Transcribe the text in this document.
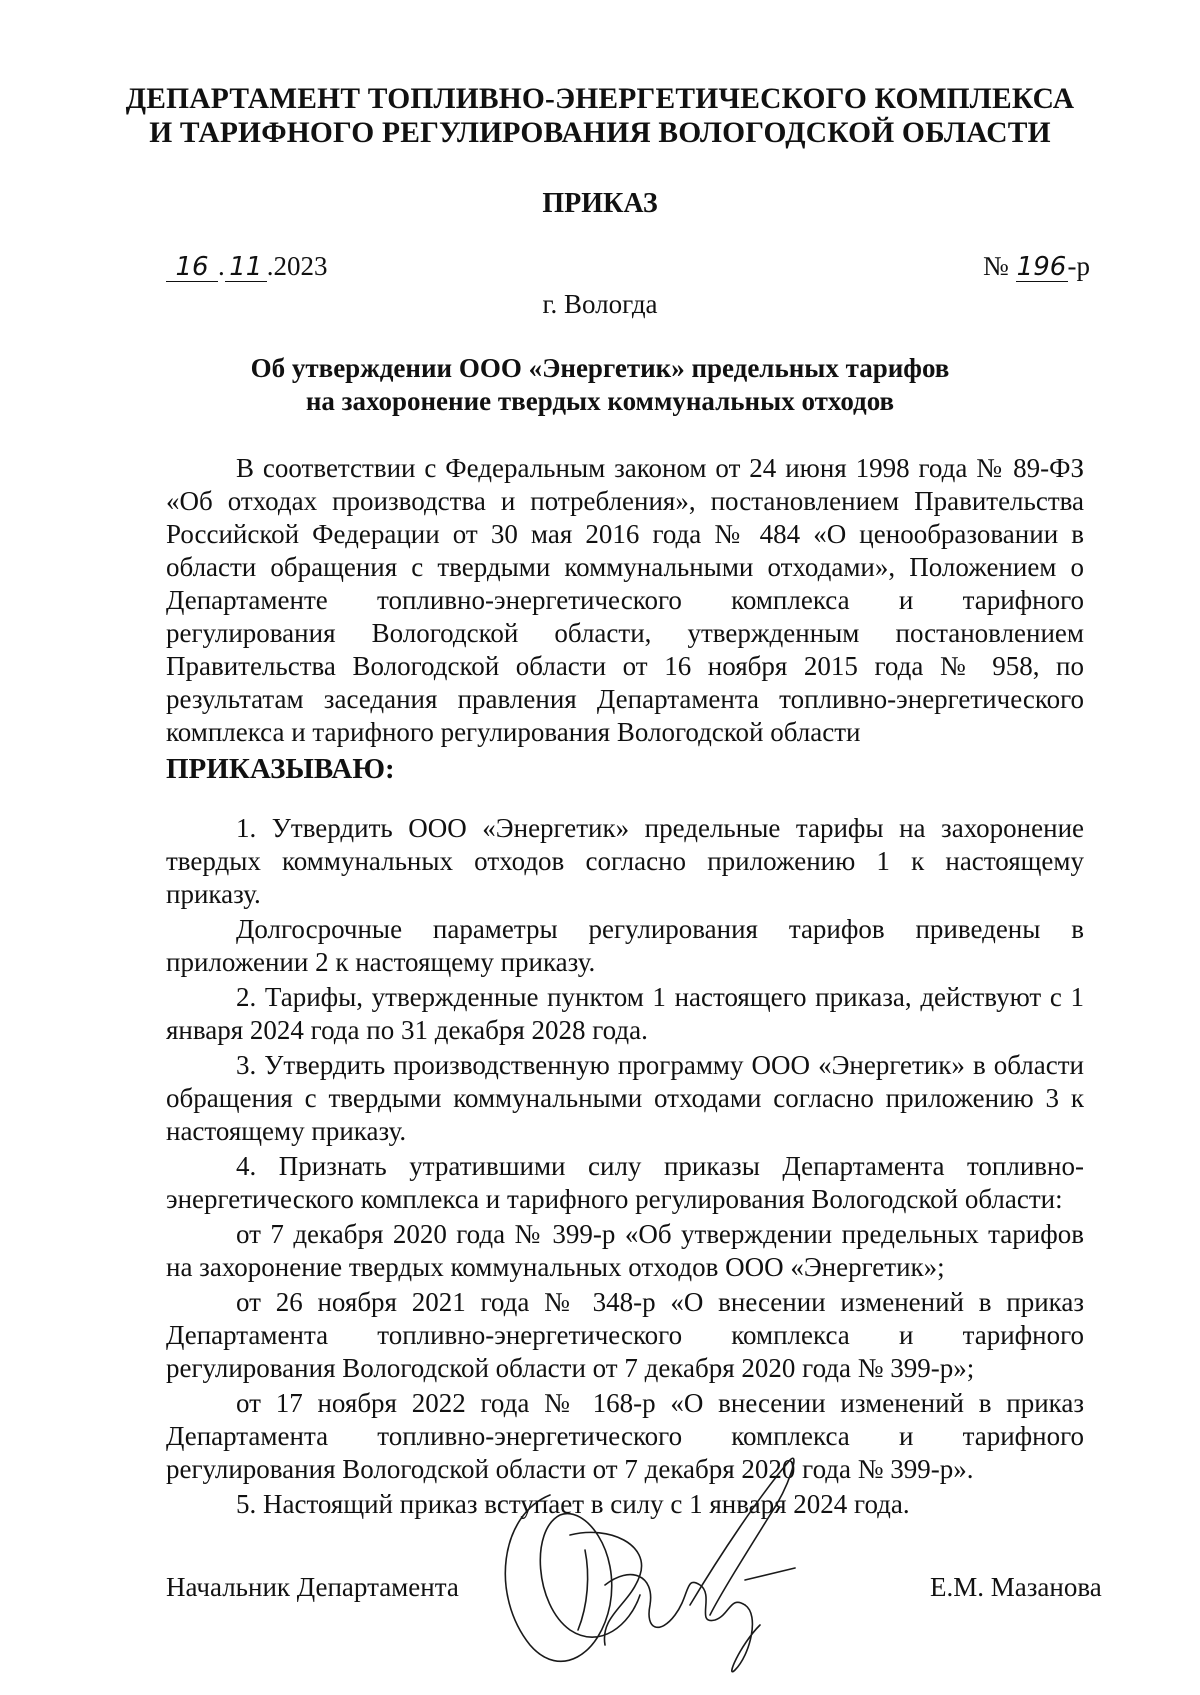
ДЕПАРТАМЕНТ ТОПЛИВНО-ЭНЕРГЕТИЧЕСКОГО КОМПЛЕКСА
И ТАРИФНОГО РЕГУЛИРОВАНИЯ ВОЛОГОДСКОЙ ОБЛАСТИ
ПРИКАЗ
16 . 11 .2023	№ 196-р
г. Вологда
Об утверждении ООО «Энергетик» предельных тарифов
на захоронение твердых коммунальных отходов

В соответствии с Федеральным законом от 24 июня 1998 года № 89-ФЗ «Об отходах производства и потребления», постановлением Правительства Российской Федерации от 30 мая 2016 года № 484 «О ценообразовании в области обращения с твердыми коммунальными отходами», Положением о Департаменте топливно-энергетического комплекса и тарифного регулирования Вологодской области, утвержденным постановлением Правительства Вологодской области от 16 ноября 2015 года № 958, по результатам заседания правления Департамента топливно-энергетического комплекса и тарифного регулирования Вологодской области

ПРИКАЗЫВАЮ:

1. Утвердить ООО «Энергетик» предельные тарифы на захоронение твердых коммунальных отходов согласно приложению 1 к настоящему приказу.

Долгосрочные параметры регулирования тарифов приведены в приложении 2 к настоящему приказу.

2. Тарифы, утвержденные пунктом 1 настоящего приказа, действуют с 1 января 2024 года по 31 декабря 2028 года.

3. Утвердить производственную программу ООО «Энергетик» в области обращения с твердыми коммунальными отходами согласно приложению 3 к настоящему приказу.

4. Признать утратившими силу приказы Департамента топливно-энергетического комплекса и тарифного регулирования Вологодской области:

от 7 декабря 2020 года № 399-р «Об утверждении предельных тарифов на захоронение твердых коммунальных отходов ООО «Энергетик»;

от 26 ноября 2021 года № 348-р «О внесении изменений в приказ Департамента топливно-энергетического комплекса и тарифного регулирования Вологодской области от 7 декабря 2020 года № 399-р»;

от 17 ноября 2022 года № 168-р «О внесении изменений в приказ Департамента топливно-энергетического комплекса и тарифного регулирования Вологодской области от 7 декабря 2020 года № 399-р».

5. Настоящий приказ вступает в силу с 1 января 2024 года.

Начальник Департамента	Е.М. Мазанова
